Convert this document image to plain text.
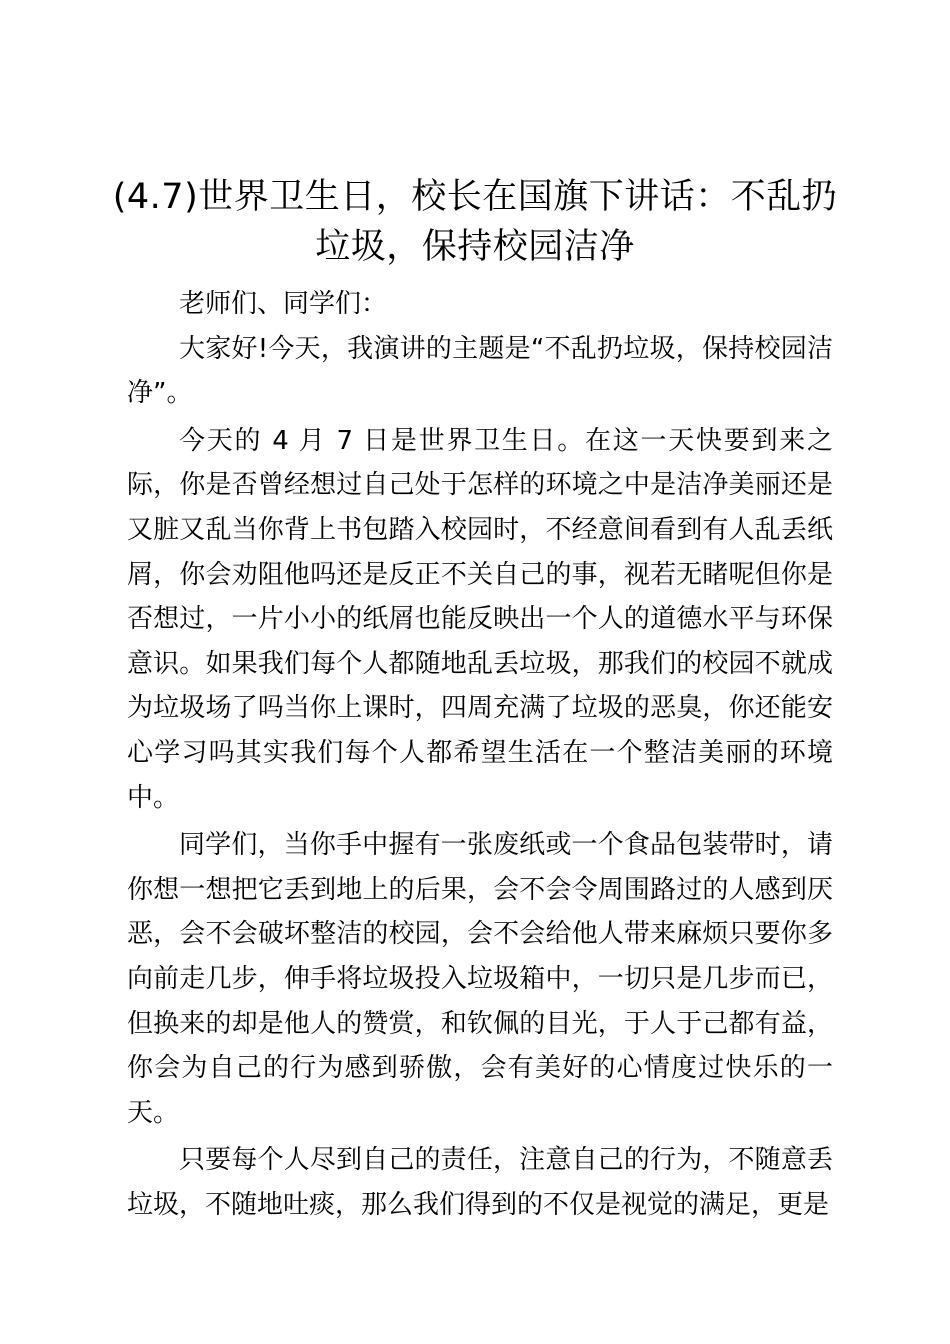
(4.7)世界卫生日，校长在国旗下讲话：不乱扔垃圾，保持校园洁净

老师们、同学们：

大家好!今天，我演讲的主题是“不乱扔垃圾，保持校园洁净”。

今天的 4 月 7 日是世界卫生日。在这一天快要到来之际，你是否曾经想过自己处于怎样的环境之中是洁净美丽还是又脏又乱当你背上书包踏入校园时，不经意间看到有人乱丢纸屑，你会劝阻他吗还是反正不关自己的事，视若无睹呢但你是否想过，一片小小的纸屑也能反映出一个人的道德水平与环保意识。如果我们每个人都随地乱丢垃圾，那我们的校园不就成为垃圾场了吗当你上课时，四周充满了垃圾的恶臭，你还能安心学习吗其实我们每个人都希望生活在一个整洁美丽的环境中。

同学们，当你手中握有一张废纸或一个食品包装带时，请你想一想把它丢到地上的后果，会不会令周围路过的人感到厌恶，会不会破坏整洁的校园，会不会给他人带来麻烦只要你多向前走几步，伸手将垃圾投入垃圾箱中，一切只是几步而已，但换来的却是他人的赞赏，和钦佩的目光，于人于己都有益，你会为自己的行为感到骄傲，会有美好的心情度过快乐的一天。

只要每个人尽到自己的责任，注意自己的行为，不随意丢垃圾，不随地吐痰，那么我们得到的不仅是视觉的满足，更是
